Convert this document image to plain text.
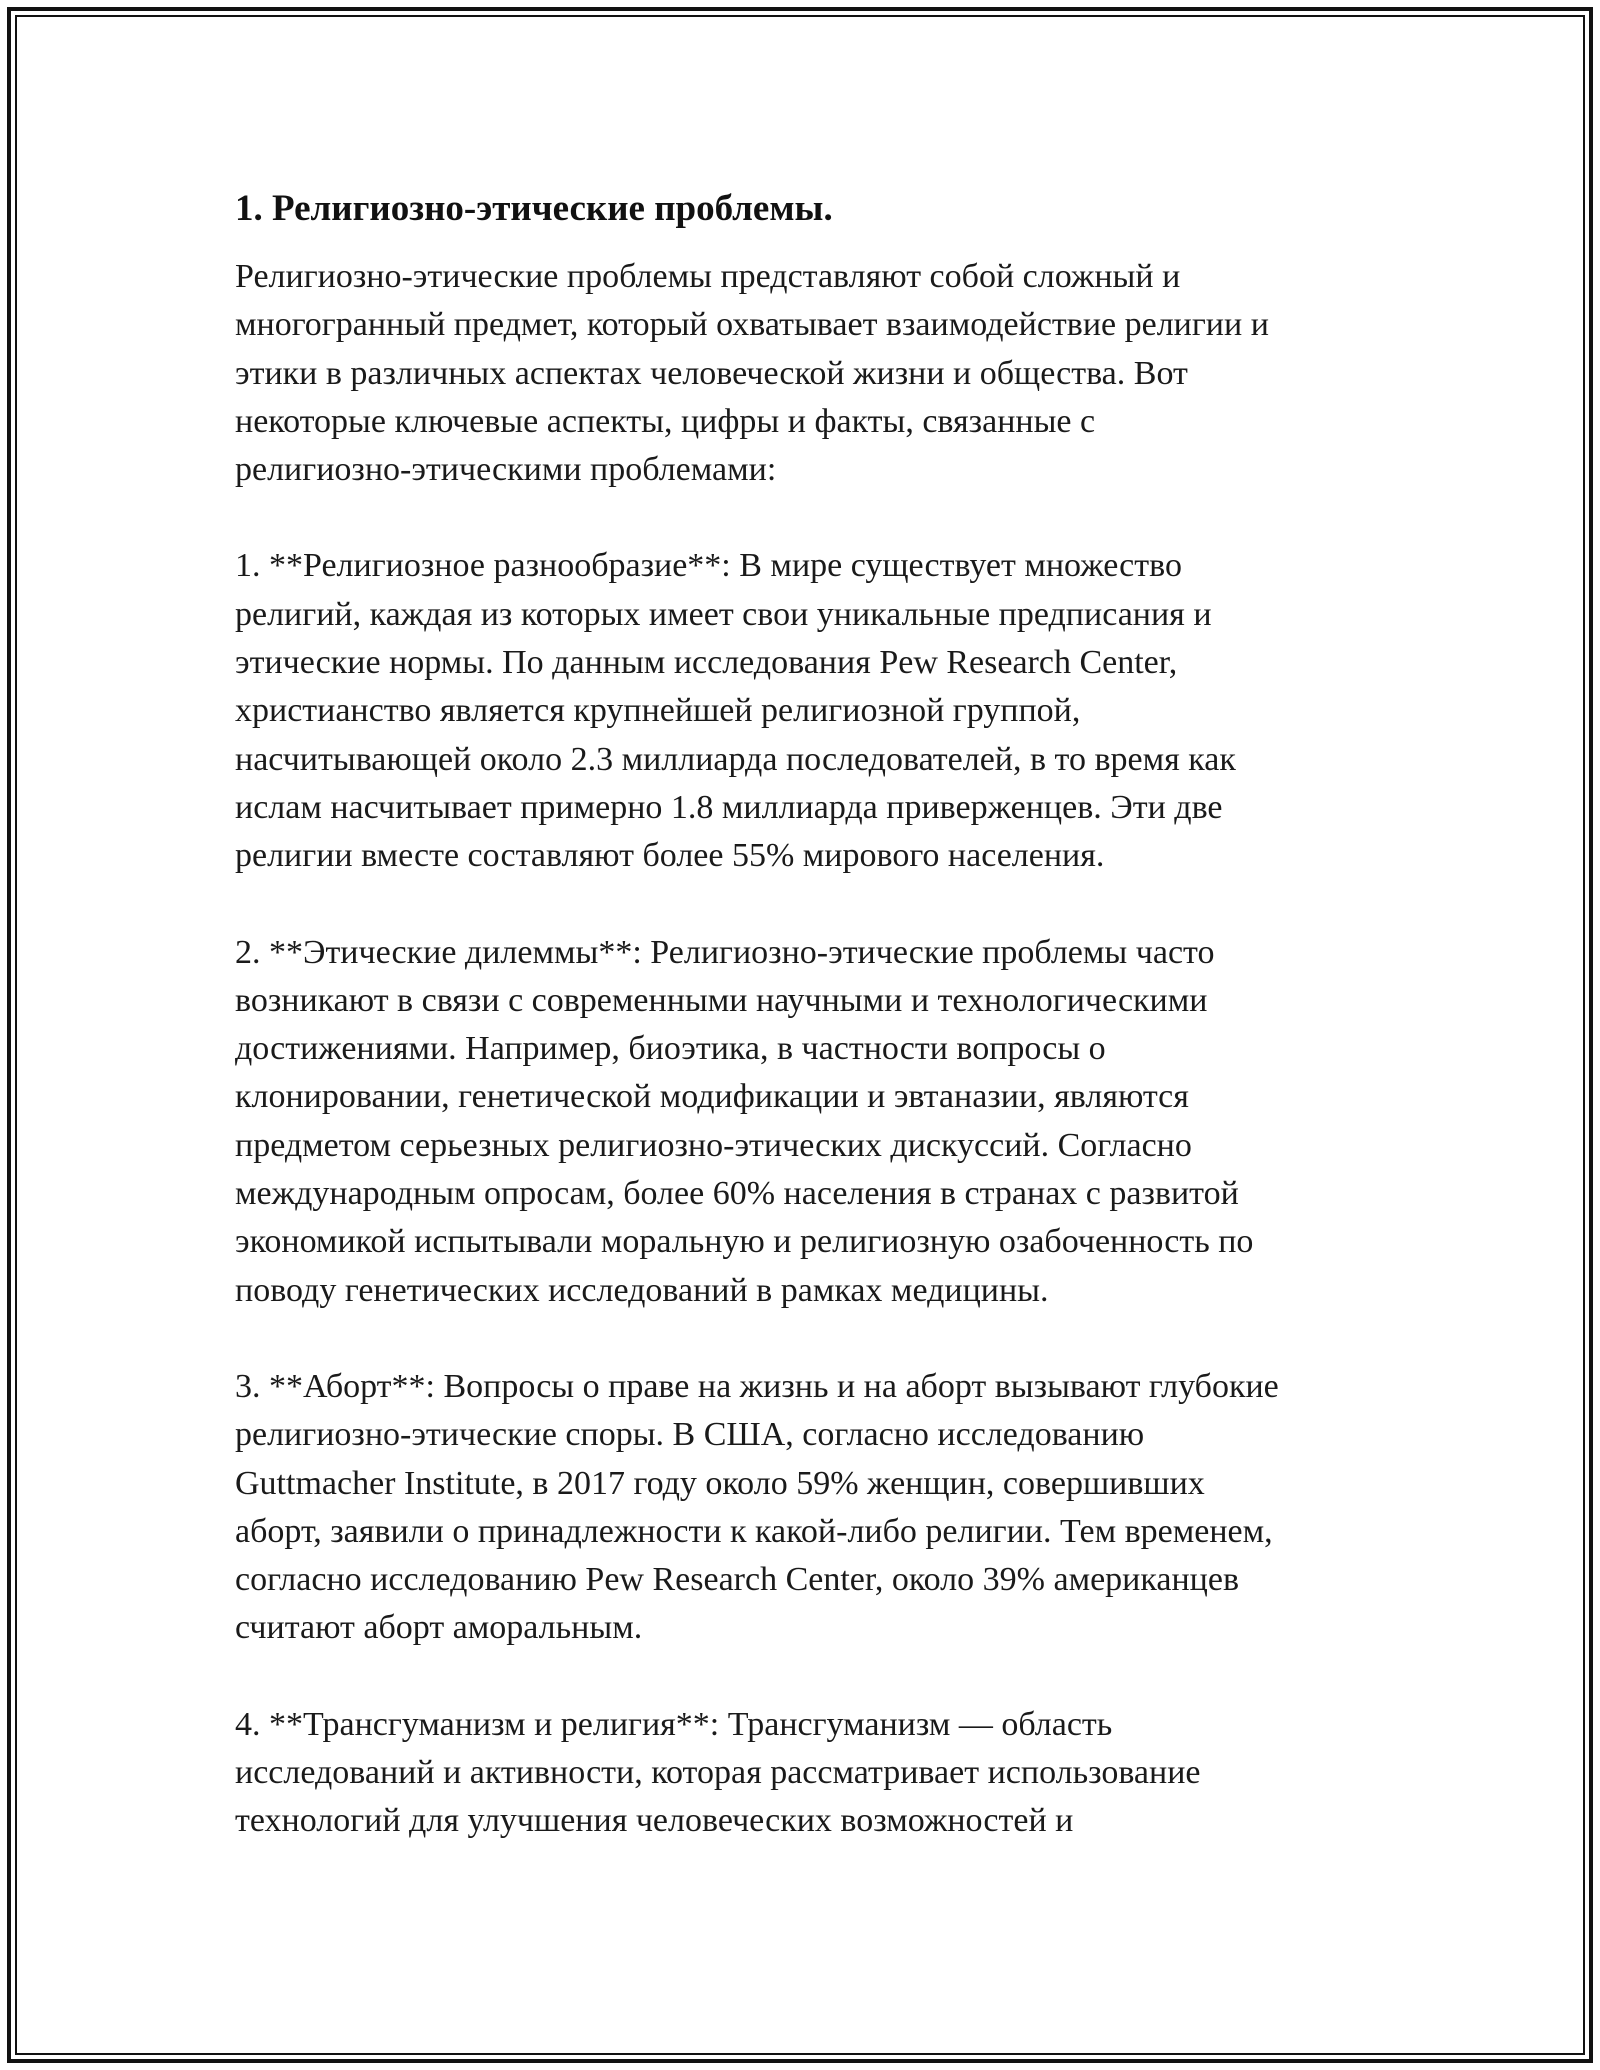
1. Религиозно-этические проблемы.

Религиозно-этические проблемы представляют собой сложный и
многогранный предмет, который охватывает взаимодействие религии и
этики в различных аспектах человеческой жизни и общества. Вот
некоторые ключевые аспекты, цифры и факты, связанные с
религиозно-этическими проблемами:

1. **Религиозное разнообразие**: В мире существует множество
религий, каждая из которых имеет свои уникальные предписания и
этические нормы. По данным исследования Pew Research Center,
христианство является крупнейшей религиозной группой,
насчитывающей около 2.3 миллиарда последователей, в то время как
ислам насчитывает примерно 1.8 миллиарда приверженцев. Эти две
религии вместе составляют более 55% мирового населения.

2. **Этические дилеммы**: Религиозно-этические проблемы часто
возникают в связи с современными научными и технологическими
достижениями. Например, биоэтика, в частности вопросы о
клонировании, генетической модификации и эвтаназии, являются
предметом серьезных религиозно-этических дискуссий. Согласно
международным опросам, более 60% населения в странах с развитой
экономикой испытывали моральную и религиозную озабоченность по
поводу генетических исследований в рамках медицины.

3. **Аборт**: Вопросы о праве на жизнь и на аборт вызывают глубокие
религиозно-этические споры. В США, согласно исследованию
Guttmacher Institute, в 2017 году около 59% женщин, совершивших
аборт, заявили о принадлежности к какой-либо религии. Тем временем,
согласно исследованию Pew Research Center, около 39% американцев
считают аборт аморальным.

4. **Трансгуманизм и религия**: Трансгуманизм — область
исследований и активности, которая рассматривает использование
технологий для улучшения человеческих возможностей и
